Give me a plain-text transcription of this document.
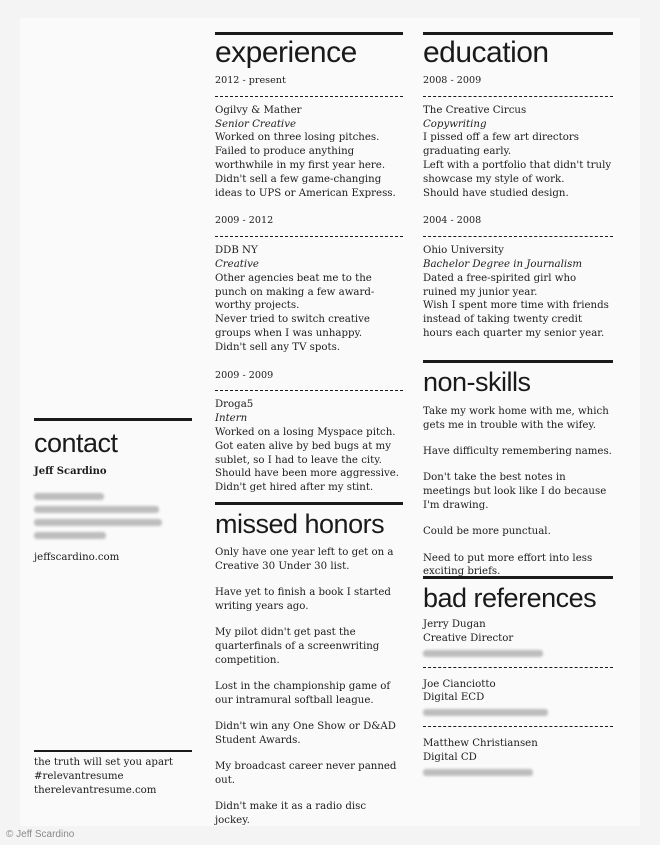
contact
Jeff Scardino
jeffscardino.com
the truth will set you apart
#relevantresume
therelevantresume.com
experience
2012 - present
Ogilvy & Mather
Senior Creative
Worked on three losing pitches.
Failed to produce anything worthwhile in my first year here.
Didn't sell a few game-changing ideas to UPS or American Express.
2009 - 2012
DDB NY
Creative
Other agencies beat me to the punch on making a few award-worthy projects.
Never tried to switch creative groups when I was unhappy.
Didn't sell any TV spots.
2009 - 2009
Droga5
Intern
Worked on a losing Myspace pitch.
Got eaten alive by bed bugs at my sublet, so I had to leave the city.
Should have been more aggressive.
Didn't get hired after my stint.
missed honors
Only have one year left to get on a Creative 30 Under 30 list.
Have yet to finish a book I started writing years ago.
My pilot didn't get past the quarterfinals of a screenwriting competition.
Lost in the championship game of our intramural softball league.
Didn't win any One Show or D&AD Student Awards.
My broadcast career never panned out.
Didn't make it as a radio disc jockey.
education
2008 - 2009
The Creative Circus
Copywriting
I pissed off a few art directors graduating early.
Left with a portfolio that didn't truly showcase my style of work.
Should have studied design.
2004 - 2008
Ohio University
Bachelor Degree in Journalism
Dated a free-spirited girl who ruined my junior year.
Wish I spent more time with friends instead of taking twenty credit hours each quarter my senior year.
non-skills
Take my work home with me, which gets me in trouble with the wifey.
Have difficulty remembering names.
Don't take the best notes in meetings but look like I do because I'm drawing.
Could be more punctual.
Need to put more effort into less exciting briefs.
bad references
Jerry Dugan
Creative Director
Joe Cianciotto
Digital ECD
Matthew Christiansen
Digital CD
© Jeff Scardino
